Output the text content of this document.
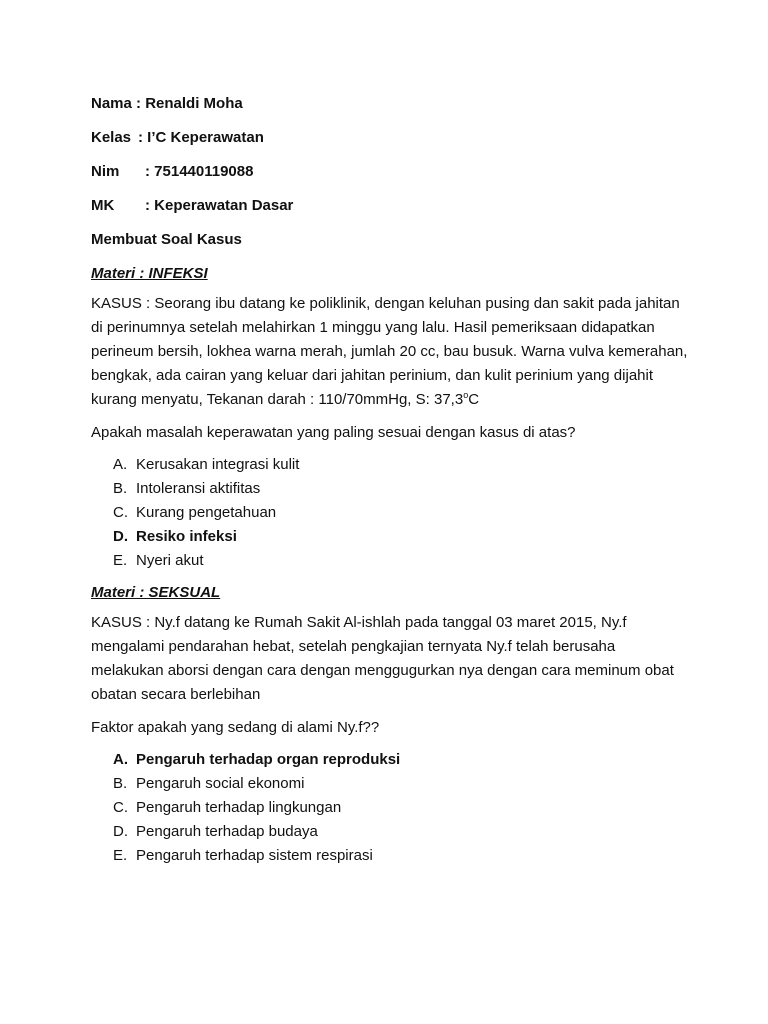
Nama : Renaldi Moha
Kelas : I’C Keperawatan
Nim : 751440119088
MK : Keperawatan Dasar
Membuat Soal Kasus
Materi : INFEKSI
KASUS : Seorang ibu datang ke poliklinik, dengan keluhan pusing dan sakit pada jahitan di perinumnya setelah melahirkan 1 minggu yang lalu. Hasil pemeriksaan didapatkan perineum bersih, lokhea warna merah, jumlah 20 cc, bau busuk. Warna vulva kemerahan, bengkak, ada cairan yang keluar dari jahitan perinium, dan kulit perinium yang dijahit kurang menyatu, Tekanan darah : 110/70mmHg, S: 37,3$^o$C
Apakah masalah keperawatan yang paling sesuai dengan kasus di atas?
A. Kerusakan integrasi kulit
B. Intoleransi aktifitas
C. Kurang pengetahuan
D. Resiko infeksi
E. Nyeri akut
Materi : SEKSUAL
KASUS : Ny.f datang ke Rumah Sakit Al-ishlah pada tanggal 03 maret 2015, Ny.f mengalami pendarahan hebat, setelah pengkajian ternyata Ny.f telah berusaha melakukan aborsi dengan cara dengan menggugurkan nya dengan cara meminum obat obatan secara berlebihan
Faktor apakah yang sedang di alami Ny.f??
A. Pengaruh terhadap organ reproduksi
B. Pengaruh social ekonomi
C. Pengaruh terhadap lingkungan
D. Pengaruh terhadap budaya
E. Pengaruh terhadap sistem respirasi
